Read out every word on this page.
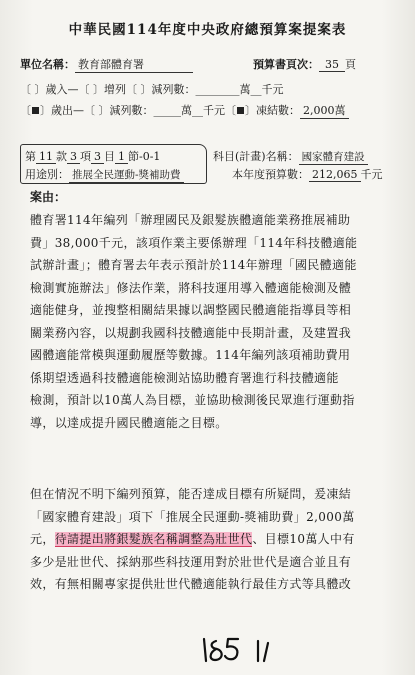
中華民國114年度中央政府總預算案提案表
單位名稱： 教育部體育署	預算書頁次： 35 頁
〔 〕歲入—〔 〕增列〔 〕減列數：________萬__千元
〔 〕歲出—〔 〕減列數：_____萬__千元〔 〕凍結數： 2,000萬
第 11 款 3 項 3 目 1 節-0-1
用途別： 推展全民運動-獎補助費
科目(計畫)名稱： 國家體育建設
本年度預算數： 212,065 千元
案由：
體育署114年編列「辦理國民及銀髮族體適能業務推展補助
費」38,000千元，該項作業主要係辦理「114年科技體適能
試辦計畫」；體育署去年表示預計於114年辦理「國民體適能
檢測實施辦法」修法作業，將科技運用導入體適能檢測及體
適能健身，並搜整相關結果據以調整國民體適能指導員等相
關業務內容，以規劃我國科技體適能中長期計畫，及建置我
國體適能常模與運動履歷等數據。114年編列該項補助費用
係期望透過科技體適能檢測站協助體育署進行科技體適能
檢測，預計以10萬人為目標，並協助檢測後民眾進行運動指
導，以達成提升國民體適能之目標。
但在情況不明下編列預算，能否達成目標有所疑問，爰凍結
「國家體育建設」項下「推展全民運動-獎補助費」2,000萬
元，待請提出將銀髮族名稱調整為壯世代、目標10萬人中有
多少是壯世代、採納那些科技運用對於壯世代是適合並且有
效，有無相關專家提供壯世代體適能執行最佳方式等具體改
